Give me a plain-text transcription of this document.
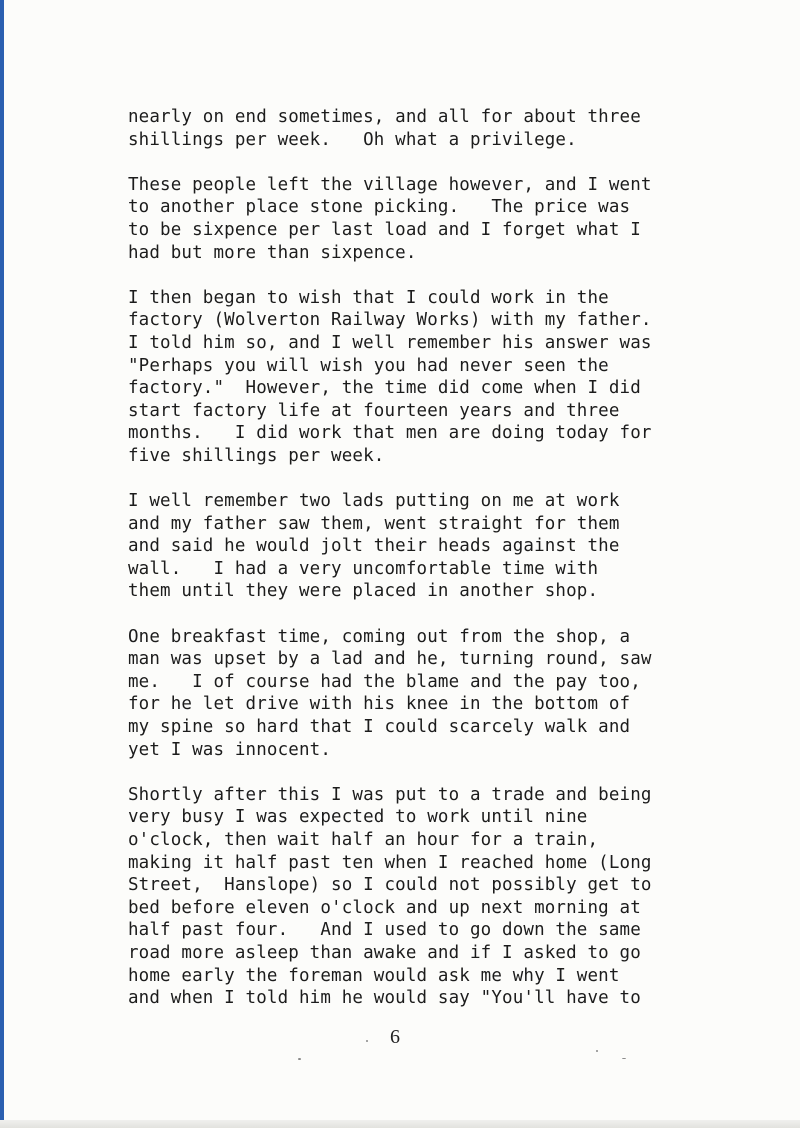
nearly on end sometimes, and all for about three
shillings per week.   Oh what a privilege.

These people left the village however, and I went
to another place stone picking.   The price was
to be sixpence per last load and I forget what I
had but more than sixpence.

I then began to wish that I could work in the
factory (Wolverton Railway Works) with my father.
I told him so, and I well remember his answer was
"Perhaps you will wish you had never seen the
factory."  However, the time did come when I did
start factory life at fourteen years and three
months.   I did work that men are doing today for
five shillings per week.

I well remember two lads putting on me at work
and my father saw them, went straight for them
and said he would jolt their heads against the
wall.   I had a very uncomfortable time with
them until they were placed in another shop.

One breakfast time, coming out from the shop, a
man was upset by a lad and he, turning round, saw
me.   I of course had the blame and the pay too,
for he let drive with his knee in the bottom of
my spine so hard that I could scarcely walk and
yet I was innocent.

Shortly after this I was put to a trade and being
very busy I was expected to work until nine
o'clock, then wait half an hour for a train,
making it half past ten when I reached home (Long
Street,  Hanslope) so I could not possibly get to
bed before eleven o'clock and up next morning at
half past four.   And I used to go down the same
road more asleep than awake and if I asked to go
home early the foreman would ask me why I went
and when I told him he would say "You'll have to

6
